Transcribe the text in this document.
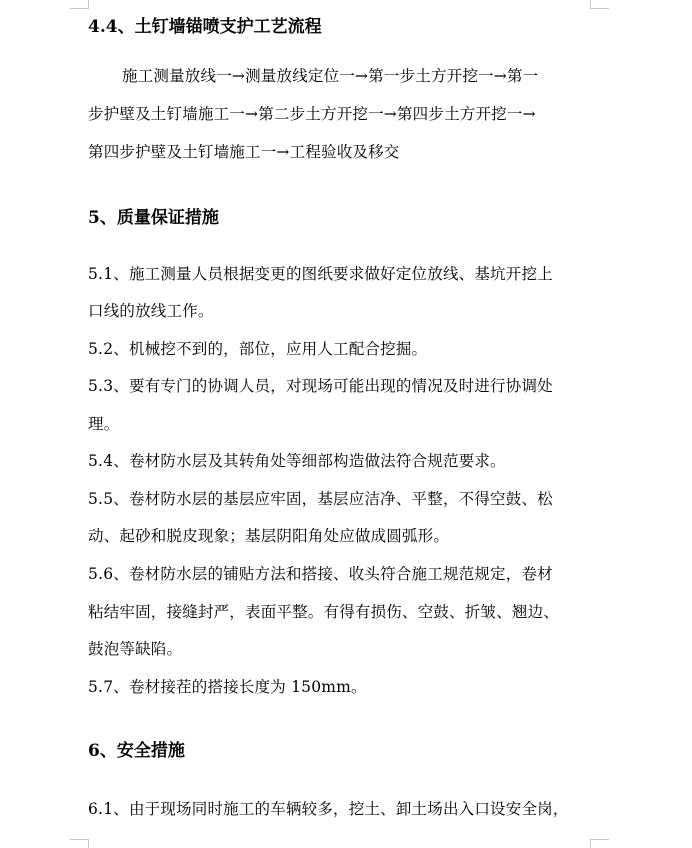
4.4、土钉墙锚喷支护工艺流程
施工测量放线一→测量放线定位一→第一步土方开挖一→第一
步护壁及土钉墙施工一→第二步土方开挖一→第四步土方开挖一→
第四步护壁及土钉墙施工一→工程验收及移交
5、质量保证措施
5.1、施工测量人员根据变更的图纸要求做好定位放线、基坑开挖上
口线的放线工作。
5.2、机械挖不到的，部位，应用人工配合挖掘。
5.3、要有专门的协调人员，对现场可能出现的情况及时进行协调处
理。
5.4、卷材防水层及其转角处等细部构造做法符合规范要求。
5.5、卷材防水层的基层应牢固，基层应洁净、平整，不得空鼓、松
动、起砂和脱皮现象；基层阴阳角处应做成圆弧形。
5.6、卷材防水层的铺贴方法和搭接、收头符合施工规范规定，卷材
粘结牢固，接缝封严，表面平整。有得有损伤、空鼓、折皱、翘边、
鼓泡等缺陷。
5.7、卷材接茬的搭接长度为 150mm。
6、安全措施
6.1、由于现场同时施工的车辆较多，挖土、卸土场出入口设安全岗，
